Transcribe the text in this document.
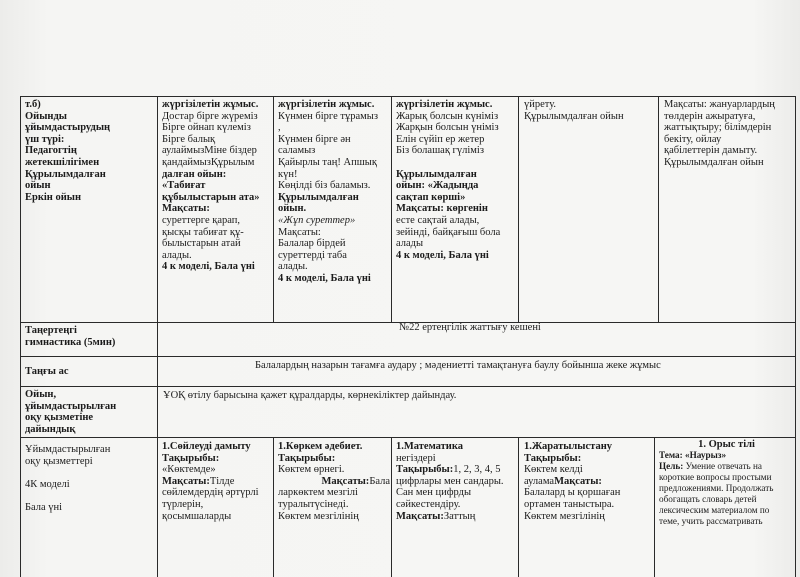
т.б)
Ойынды
ұйымдастырудың
үш түрі:
Педагогтің
жетекшілігімен
Құрылымдалған
ойын
Еркін ойын
жүргізілетін жұмыс.
Достар бірге жүреміз
Бірге ойнап күлеміз
Бірге балық
аулаймызМіне біздер
қандаймызҚұрылым
далған ойын:
«Табиғат
құбылыстарын ата»
Мақсаты:
суреттерге қарап,
қысқы табиғат құ-
былыстарын атай
алады.
4 к моделі, Бала үні
жүргізілетін жұмыс.
Күнмен бірге тұрамыз
,
Күнмен бірге ән
саламыз
Қайырлы таң! Апшық
күн!
Көңілді біз баламыз.
Құрылымдалған
ойын.
«Жұп суреттер»
Мақсаты:
Балалар бірдей
суреттерді таба
алады.
4 к моделі, Бала үні
жүргізілетін жұмыс.
Жарық болсын күніміз
Жарқын болсын үніміз
Елін сүйіп ер жетер
Біз болашақ гүліміз

Құрылымдалған
ойын: «Жадыңда
сақтап көрші»
Мақсаты: көргенін
есте сақтай алады,
зейінді, байқағыш бола
алады
4 к моделі, Бала үні
үйрету.
Құрылымдалған ойын
Мақсаты: жануарлардың
төлдерін ажыратуға,
жаттықтыру; білімдерін
бекіту, ойлау
қабілеттерін дамыту.
Құрылымдалған ойын
Таңертеңгі
гимнастика (5мин)
№22 ертеңгілік жаттығу кешені
Таңғы ас
Балалардың назарын тағамға аудару ; мәдениетті тамақтануға баулу бойынша жеке жұмыс
Ойын,
ұйымдастырылған
оқу қызметіне
дайындық
ҰОҚ өтілу барысына қажет құралдарды, көрнекіліктер дайындау.
Ұйымдастырылған
оқу қызметтері

4К моделі

Бала үні
1.Сөйлеуді дамыту
Тақырыбы:
«Көктемде»
Мақсаты:Тілде
сөйлемдердің әртүрлі
түрлерін,
қосымшаларды
1.Көркем әдебиет.
Тақырыбы:
Көктем өрнегі.
Мақсаты:Бала
ларкөктем мезгілі
туралытүсінеді.
Көктем мезгілінің
1.Математика
негіздері
Тақырыбы:1, 2, 3, 4, 5
цифрлары мен сандары.
Сан мен цифрды
сәйкестендіру.
Мақсаты:Заттың
1.Жаратылыстану
Тақырыбы:
Көктем келді
ауламаМақсаты:
Балалард ы қоршаған
ортамен таныстыра.
Көктем мезгілінің
1. Орыс тілі
Тема: «Наурыз»
Цель: Умение отвечать на
короткие вопросы простыми
предложениями. Продолжать
обогащать словарь детей
лексическим материалом по
теме, учить рассматривать
